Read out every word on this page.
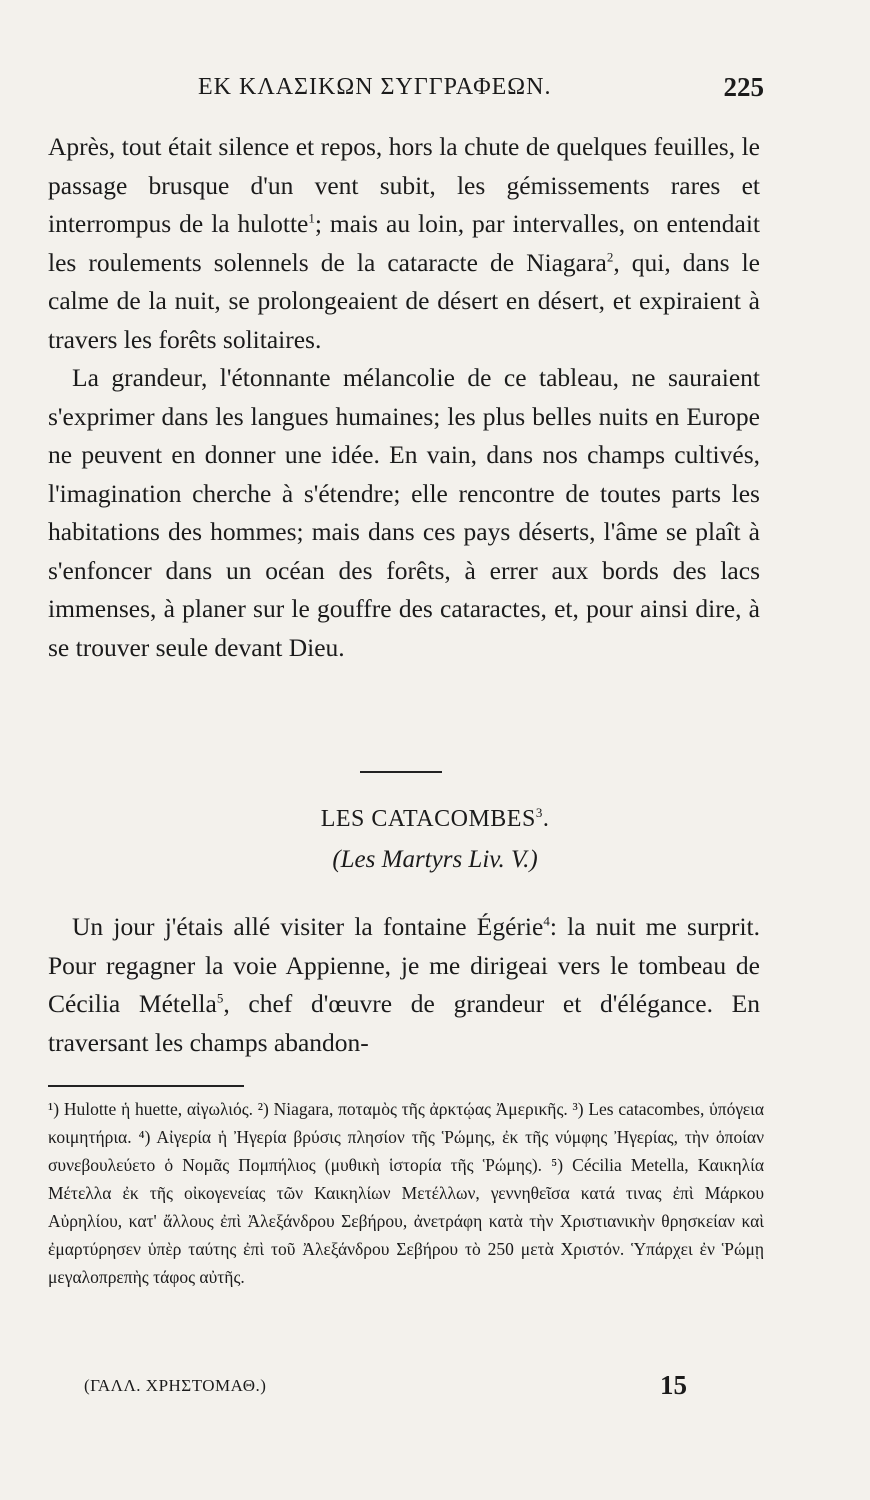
ΕΚ ΚΛΑΣΙΚΩΝ ΣΥΓΓΡΑΦΕΩΝ.	225

Après, tout était silence et repos, hors la chute de quelques feuilles, le passage brusque d'un vent subit, les gémissements rares et interrompus de la hulotte$^1$; mais au loin, par intervalles, on entendait les roulements solennels de la cataracte de Niagara$^2$, qui, dans le calme de la nuit, se prolongeaient de désert en désert, et expiraient à travers les forêts solitaires.

La grandeur, l'étonnante mélancolie de ce tableau, ne sauraient s'exprimer dans les langues humaines; les plus belles nuits en Europe ne peuvent en donner une idée. En vain, dans nos champs cultivés, l'imagination cherche à s'étendre; elle rencontre de toutes parts les habitations des hommes; mais dans ces pays déserts, l'âme se plaît à s'enfoncer dans un océan des forêts, à errer aux bords des lacs immenses, à planer sur le gouffre des cataractes, et, pour ainsi dire, à se trouver seule devant Dieu.

LES CATACOMBES$^3$.
(Les Martyrs Liv. V.)

Un jour j'étais allé visiter la fontaine Égérie$^4$: la nuit me surprit. Pour regagner la voie Appienne, je me dirigeai vers le tombeau de Cécilia Métella$^5$, chef d'œuvre de grandeur et d'élégance. En traversant les champs abandon-

¹) Hulotte ἡ huette, αἰγωλιός. ²) Niagara, ποταμὸς τῆς ἀρκτῴας Ἀμερικῆς. ³) Les catacombes, ὑπόγεια κοιμητήρια. ⁴) Αἰγερία ἡ Ἠγερία βρύσις πλησίον τῆς Ῥώμης, ἐκ τῆς νύμφης Ἠγερίας, τὴν ὁποίαν συνεβουλεύετο ὁ Νομᾶς Πομπήλιος (μυθικὴ ἱστορία τῆς Ῥώμης). ⁵) Cécilia Metella, Καικηλία Μέτελλα ἐκ τῆς οἰκογενείας τῶν Καικηλίων Μετέλλων, γεννηθεῖσα κατά τινας ἐπὶ Μάρκου Αὐρηλίου, κατ' ἄλλους ἐπὶ Ἀλεξάνδρου Σεβήρου, ἀνετράφη κατὰ τὴν Χριστιανικὴν θρησκείαν καὶ ἐμαρτύρησεν ὑπὲρ ταύτης ἐπὶ τοῦ Ἀλεξάνδρου Σεβήρου τὸ 250 μετὰ Χριστόν. Ὑπάρχει ἐν Ῥώμῃ μεγαλοπρεπὴς τάφος αὐτῆς.

(ΓΑΛΛ. ΧΡΗΣΤΟΜΑΘ.)	15
